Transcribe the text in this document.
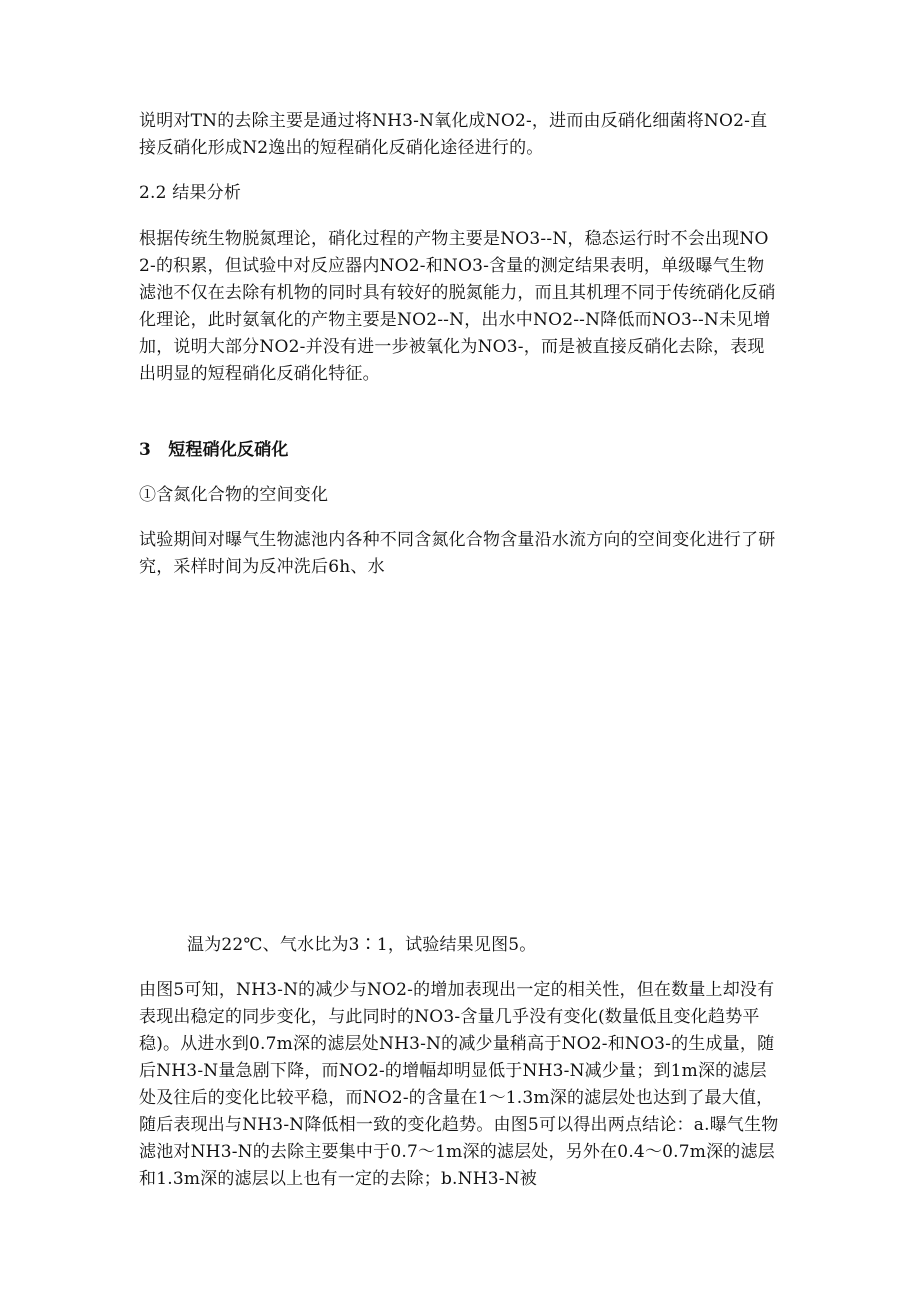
说明对TN的去除主要是通过将NH3-N氧化成NO2-，进而由反硝化细菌将NO2-直接反硝化形成N2逸出的短程硝化反硝化途径进行的。

2.2 结果分析

根据传统生物脱氮理论，硝化过程的产物主要是NO3--N，稳态运行时不会出现NO2-的积累，但试验中对反应器内NO2-和NO3-含量的测定结果表明，单级曝气生物滤池不仅在去除有机物的同时具有较好的脱氮能力，而且其机理不同于传统硝化反硝化理论，此时氨氧化的产物主要是NO2--N，出水中NO2--N降低而NO3--N未见增加，说明大部分NO2-并没有进一步被氧化为NO3-，而是被直接反硝化去除，表现出明显的短程硝化反硝化特征。

3　短程硝化反硝化

①含氮化合物的空间变化

试验期间对曝气生物滤池内各种不同含氮化合物含量沿水流方向的空间变化进行了研究，采样时间为反冲洗后6h、水

温为22℃、气水比为3∶1，试验结果见图5。

由图5可知，NH3-N的减少与NO2-的增加表现出一定的相关性，但在数量上却没有表现出稳定的同步变化，与此同时的NO3-含量几乎没有变化(数量低且变化趋势平稳)。从进水到0.7m深的滤层处NH3-N的减少量稍高于NO2-和NO3-的生成量，随后NH3-N量急剧下降，而NO2-的增幅却明显低于NH3-N减少量；到1m深的滤层处及往后的变化比较平稳，而NO2-的含量在1～1.3m深的滤层处也达到了最大值，随后表现出与NH3-N降低相一致的变化趋势。由图5可以得出两点结论：a.曝气生物滤池对NH3-N的去除主要集中于0.7～1m深的滤层处，另外在0.4～0.7m深的滤层和1.3m深的滤层以上也有一定的去除；b.NH3-N被
